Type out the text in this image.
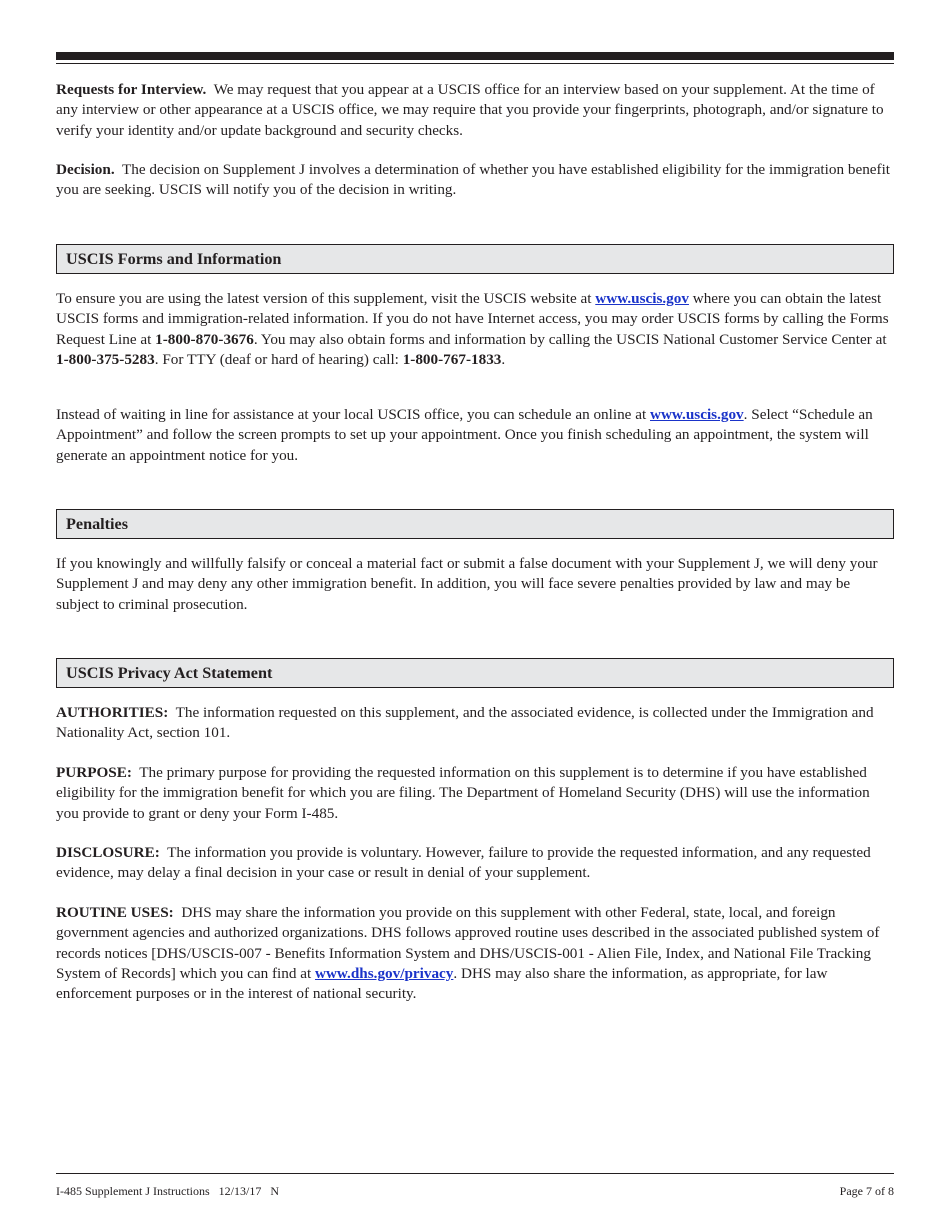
Requests for Interview. We may request that you appear at a USCIS office for an interview based on your supplement. At the time of any interview or other appearance at a USCIS office, we may require that you provide your fingerprints, photograph, and/or signature to verify your identity and/or update background and security checks.

Decision. The decision on Supplement J involves a determination of whether you have established eligibility for the immigration benefit you are seeking. USCIS will notify you of the decision in writing.

USCIS Forms and Information

To ensure you are using the latest version of this supplement, visit the USCIS website at www.uscis.gov where you can obtain the latest USCIS forms and immigration-related information. If you do not have Internet access, you may order USCIS forms by calling the Forms Request Line at 1-800-870-3676. You may also obtain forms and information by calling the USCIS National Customer Service Center at 1-800-375-5283. For TTY (deaf or hard of hearing) call: 1-800-767-1833.

Instead of waiting in line for assistance at your local USCIS office, you can schedule an online at www.uscis.gov. Select “Schedule an Appointment” and follow the screen prompts to set up your appointment. Once you finish scheduling an appointment, the system will generate an appointment notice for you.

Penalties

If you knowingly and willfully falsify or conceal a material fact or submit a false document with your Supplement J, we will deny your Supplement J and may deny any other immigration benefit. In addition, you will face severe penalties provided by law and may be subject to criminal prosecution.

USCIS Privacy Act Statement

AUTHORITIES: The information requested on this supplement, and the associated evidence, is collected under the Immigration and Nationality Act, section 101.

PURPOSE: The primary purpose for providing the requested information on this supplement is to determine if you have established eligibility for the immigration benefit for which you are filing. The Department of Homeland Security (DHS) will use the information you provide to grant or deny your Form I-485.

DISCLOSURE: The information you provide is voluntary. However, failure to provide the requested information, and any requested evidence, may delay a final decision in your case or result in denial of your supplement.

ROUTINE USES: DHS may share the information you provide on this supplement with other Federal, state, local, and foreign government agencies and authorized organizations. DHS follows approved routine uses described in the associated published system of records notices [DHS/USCIS-007 - Benefits Information System and DHS/USCIS-001 - Alien File, Index, and National File Tracking System of Records] which you can find at www.dhs.gov/privacy. DHS may also share the information, as appropriate, for law enforcement purposes or in the interest of national security.

I-485 Supplement J Instructions   12/13/17   N	Page 7 of 8
